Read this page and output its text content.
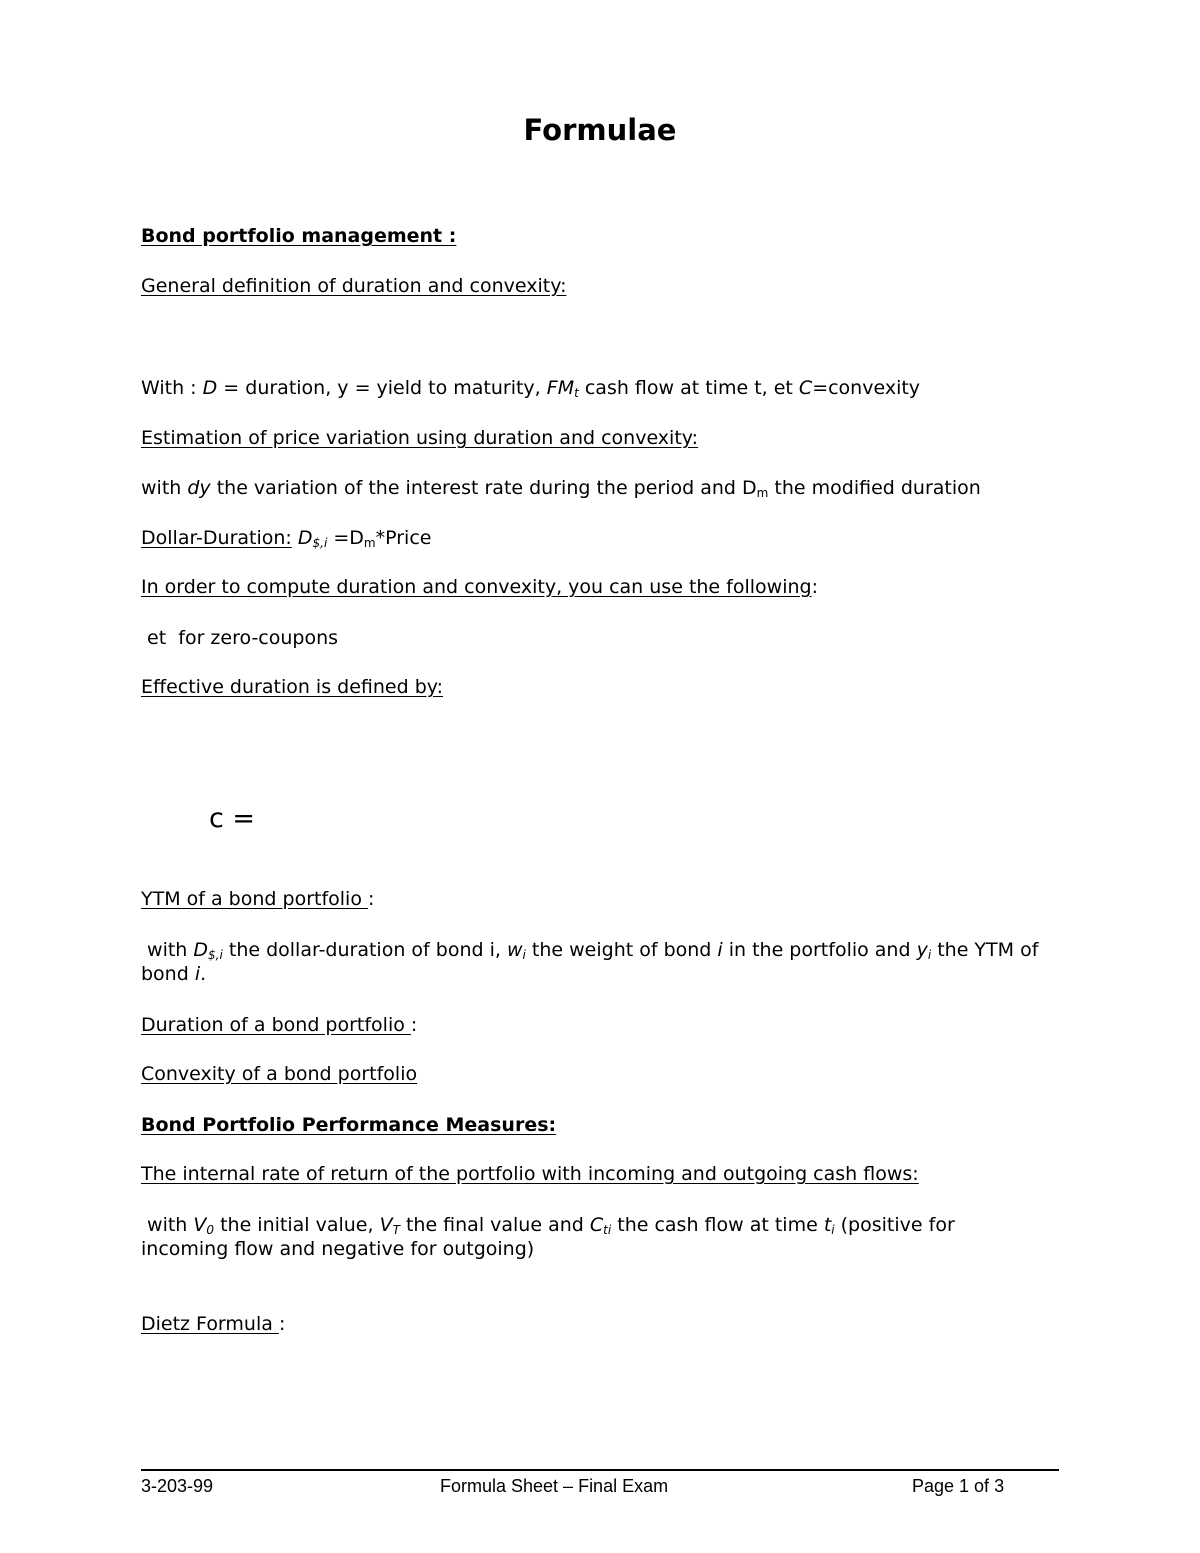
Formulae
Bond portfolio management :
General definition of duration and convexity:
With : D = duration, y = yield to maturity, $FM_t$ cash flow at time t, et C=convexity
Estimation of price variation using duration and convexity:
with dy the variation of the interest rate during the period and $D_m$ the modified duration
Dollar-Duration: $D_{\$,i}$ $=D_m*Price$
In order to compute duration and convexity, you can use the following:
et  for zero-coupons
Effective duration is defined by:
c =
YTM of a bond portfolio :
with $D_{\$,i}$ the dollar-duration of bond i, $w_i$ the weight of bond i in the portfolio and $y_i$ the YTM of bond i.
Duration of a bond portfolio :
Convexity of a bond portfolio
Bond Portfolio Performance Measures:
The internal rate of return of the portfolio with incoming and outgoing cash flows:
with $V_0$ the initial value, $V_T$ the final value and $C_{ti}$ the cash flow at time $t_i$ (positive for incoming flow and negative for outgoing)
Dietz Formula :
3-203-99	Formula Sheet – Final Exam	Page 1 of 3
